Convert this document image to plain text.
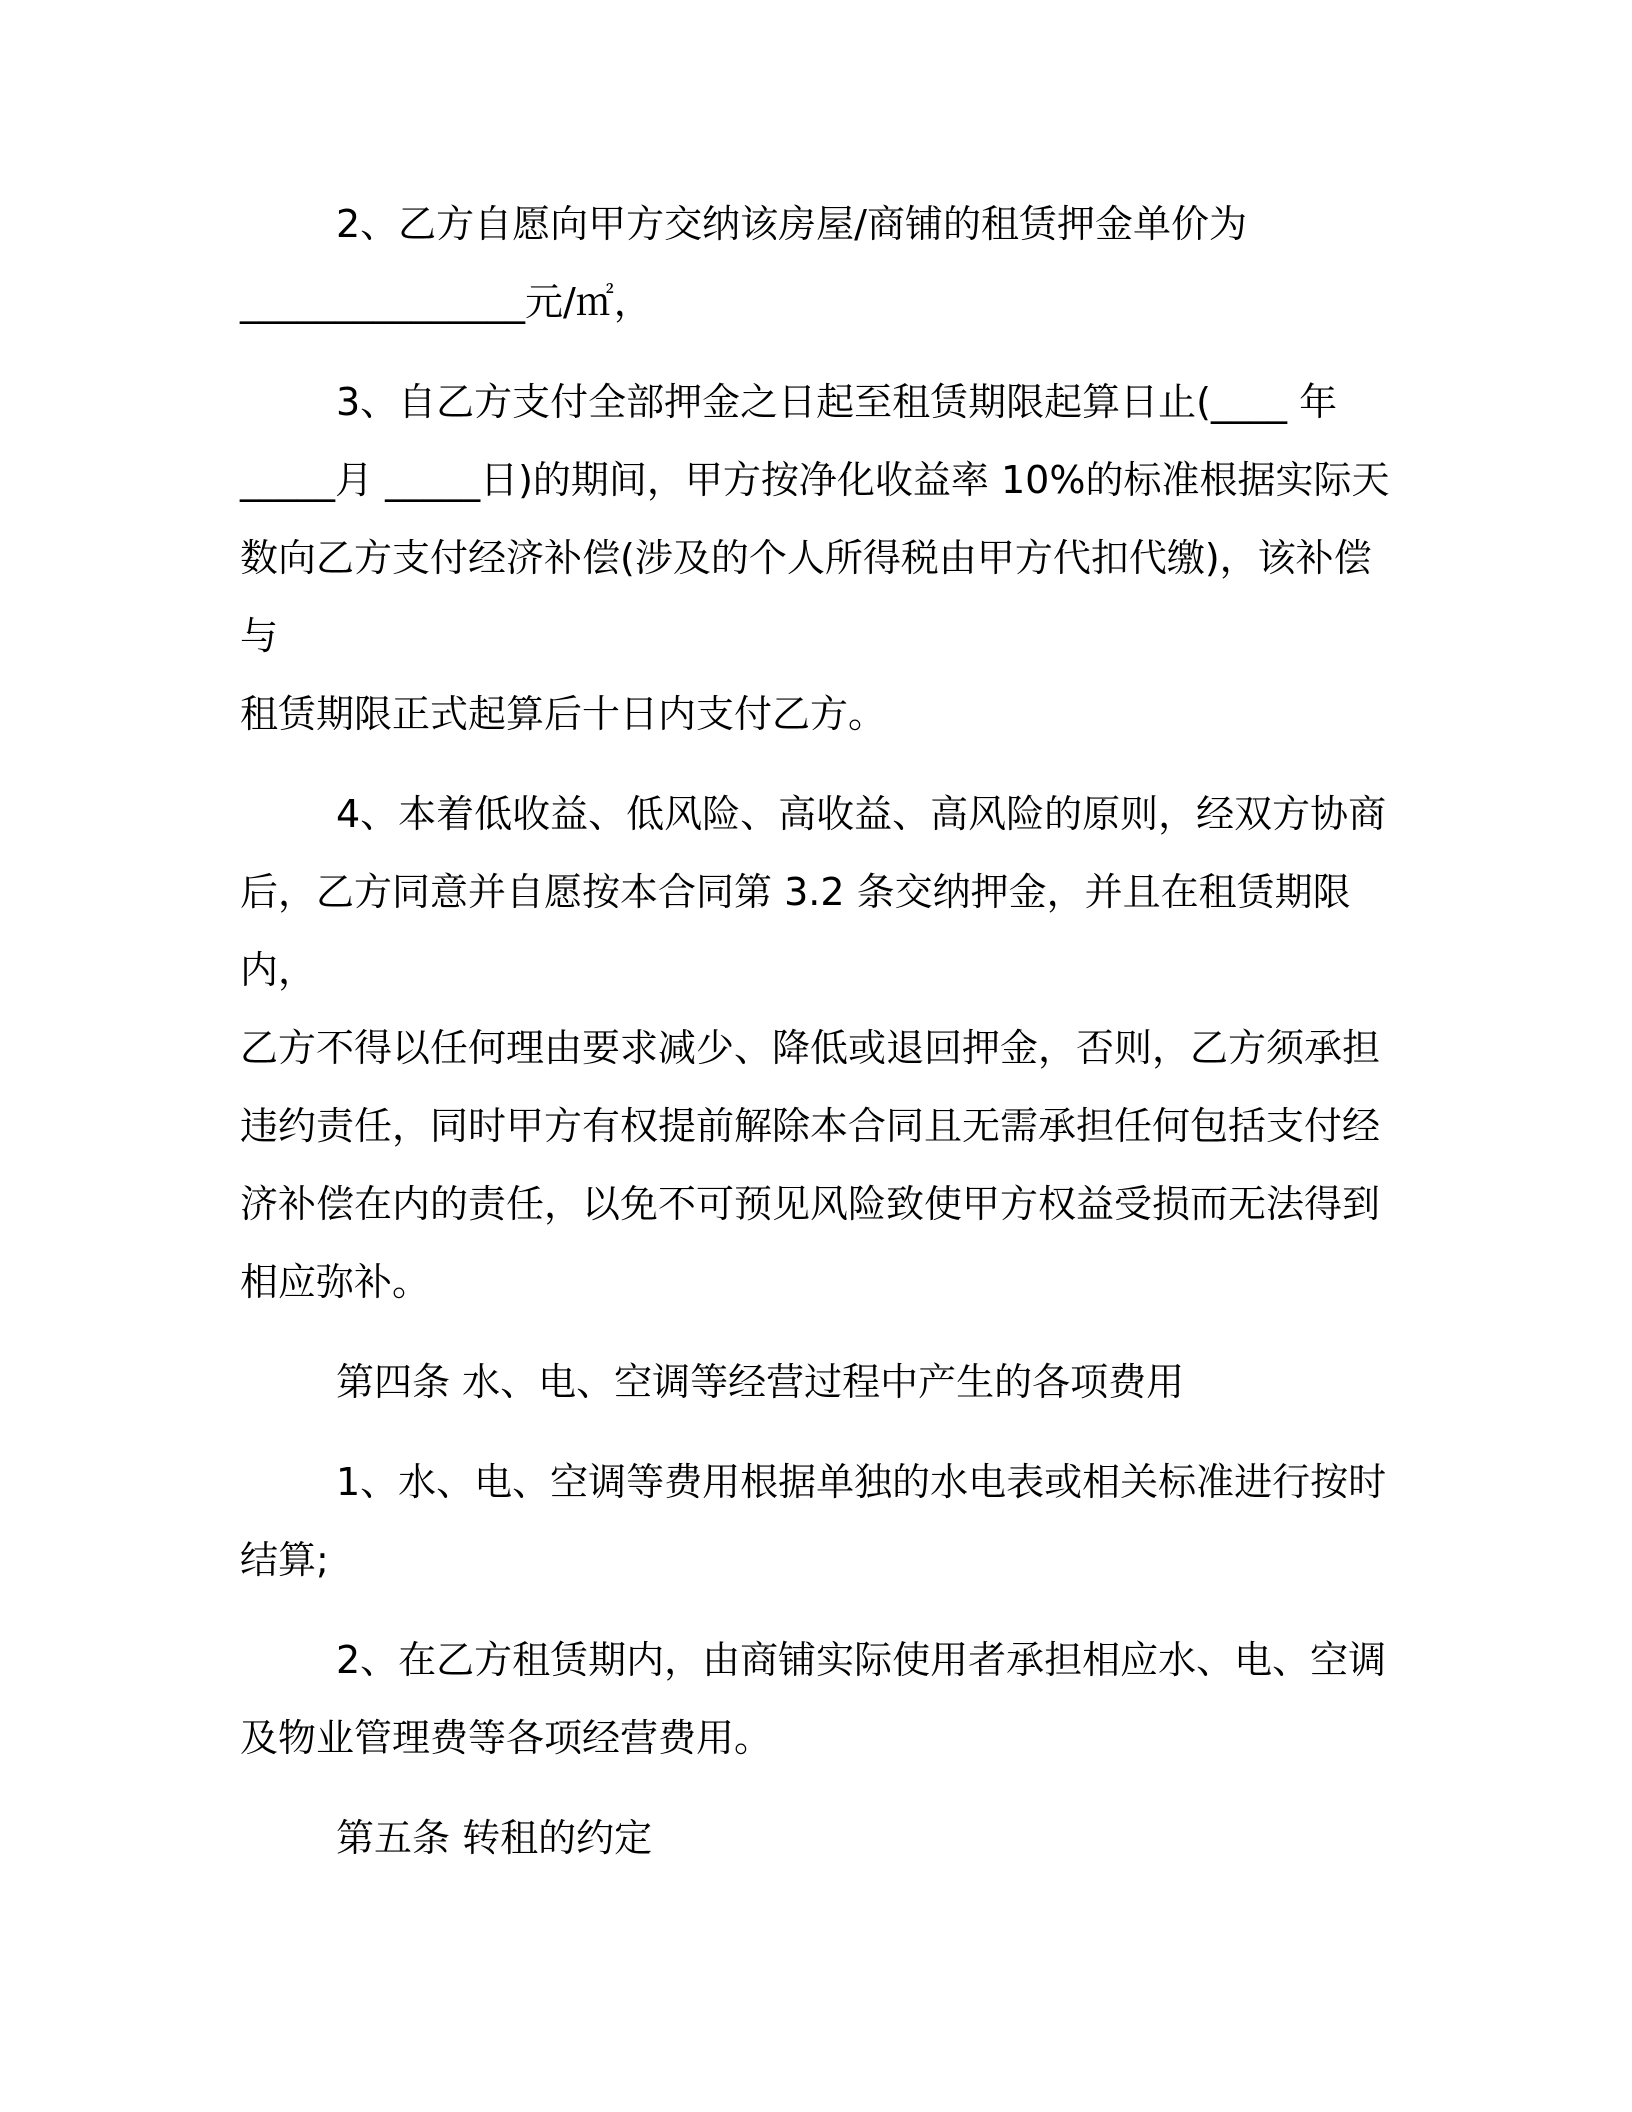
2、乙方自愿向甲方交纳该房屋/商铺的租赁押金单价为
_______________元/㎡，
3、自乙方支付全部押金之日起至租赁期限起算日止(____ 年
_____月 _____日)的期间，甲方按净化收益率 10%的标准根据实际天
数向乙方支付经济补偿(涉及的个人所得税由甲方代扣代缴)，该补偿与
租赁期限正式起算后十日内支付乙方。
4、本着低收益、低风险、高收益、高风险的原则，经双方协商
后，乙方同意并自愿按本合同第 3.2 条交纳押金，并且在租赁期限内，
乙方不得以任何理由要求减少、降低或退回押金，否则，乙方须承担
违约责任，同时甲方有权提前解除本合同且无需承担任何包括支付经
济补偿在内的责任，以免不可预见风险致使甲方权益受损而无法得到
相应弥补。
第四条 水、电、空调等经营过程中产生的各项费用
1、水、电、空调等费用根据单独的水电表或相关标准进行按时
结算;
2、在乙方租赁期内，由商铺实际使用者承担相应水、电、空调
及物业管理费等各项经营费用。
第五条 转租的约定
